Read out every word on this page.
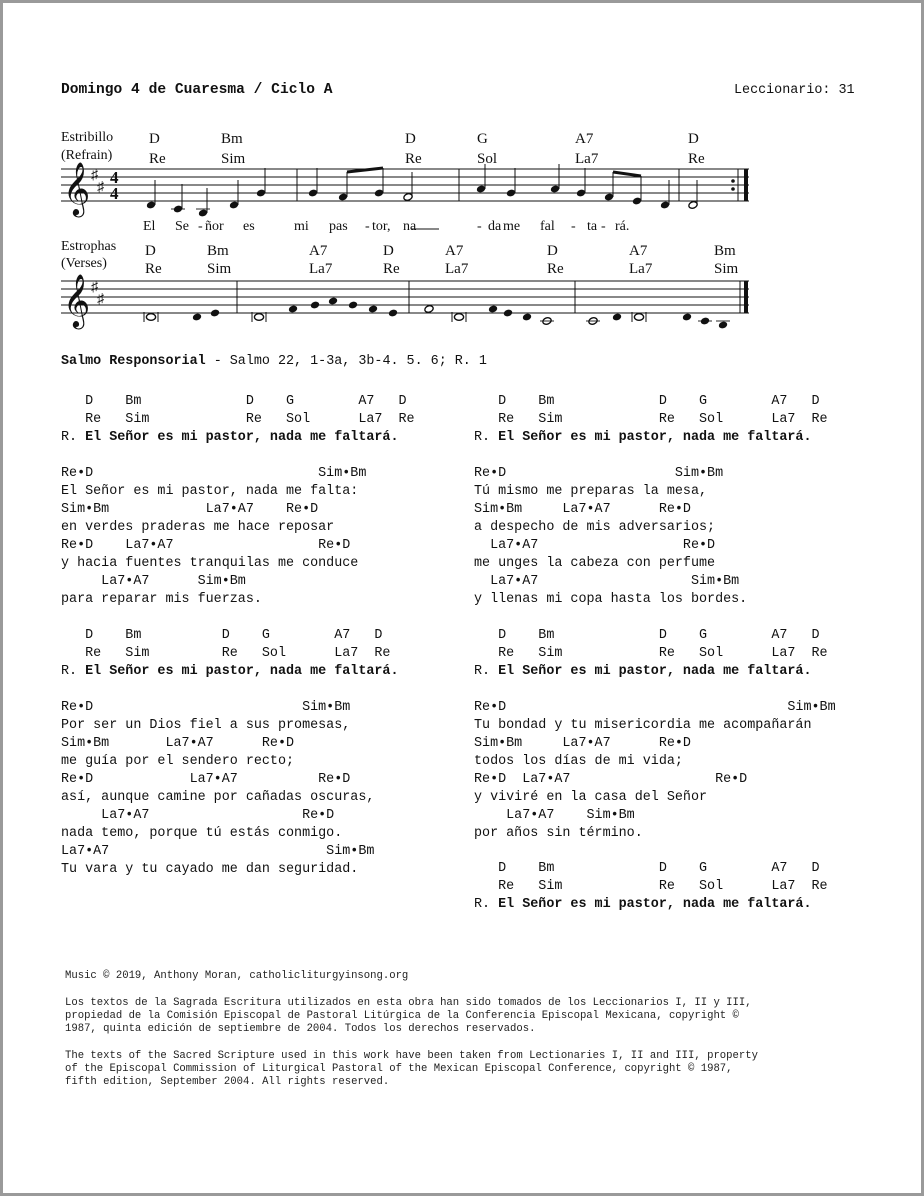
Domingo 4 de Cuaresma / Ciclo A	Leccionario: 31
𝄞 ♯
♯
4
4
D
Re
Bm
Sim
D
Re
G
Sol
A7
La7
D
Re
Estribillo
(Refrain)
El Se - ñor es	mi pas - tor, na	- da me fal - ta - rá.
𝄞 ♯
♯
D
Re
Bm
Sim
A7
La7
D
Re
A7
La7
D
Re
A7
La7
Bm
Sim
Estrophas
(Verses)
Salmo Responsorial - Salmo 22, 1-3a, 3b-4. 5. 6; R. 1
D    Bm             D    G        A7   D
Re   Sim            Re   Sol      La7  Re
R. El Señor es mi pastor, nada me faltará.
Re•D                            Sim•Bm
El Señor es mi pastor, nada me falta:
Sim•Bm            La7•A7    Re•D
en verdes praderas me hace reposar
Re•D    La7•A7                  Re•D
y hacia fuentes tranquilas me conduce
La7•A7      Sim•Bm
para reparar mis fuerzas.
D    Bm          D    G        A7   D
Re   Sim         Re   Sol      La7  Re
R. El Señor es mi pastor, nada me faltará.
Re•D                          Sim•Bm
Por ser un Dios fiel a sus promesas,
Sim•Bm       La7•A7      Re•D
me guía por el sendero recto;
Re•D            La7•A7          Re•D
así, aunque camine por cañadas oscuras,
La7•A7                   Re•D
nada temo, porque tú estás conmigo.
La7•A7                           Sim•Bm
Tu vara y tu cayado me dan seguridad.
D    Bm             D    G        A7   D
Re   Sim            Re   Sol      La7  Re
R. El Señor es mi pastor, nada me faltará.
Re•D                     Sim•Bm
Tú mismo me preparas la mesa,
Sim•Bm     La7•A7      Re•D
a despecho de mis adversarios;
La7•A7                  Re•D
me unges la cabeza con perfume
La7•A7                   Sim•Bm
y llenas mi copa hasta los bordes.
D    Bm             D    G        A7   D
Re   Sim            Re   Sol      La7  Re
R. El Señor es mi pastor, nada me faltará.
Re•D                                   Sim•Bm
Tu bondad y tu misericordia me acompañarán
Sim•Bm     La7•A7      Re•D
todos los días de mi vida;
Re•D  La7•A7                  Re•D
y viviré en la casa del Señor
La7•A7    Sim•Bm
por años sin término.
D    Bm             D    G        A7   D
Re   Sim            Re   Sol      La7  Re
R. El Señor es mi pastor, nada me faltará.
Music © 2019, Anthony Moran, catholicliturgyinsong.org
Los textos de la Sagrada Escritura utilizados en esta obra han sido tomados de los Leccionarios I, II y III,
propiedad de la Comisión Episcopal de Pastoral Litúrgica de la Conferencia Episcopal Mexicana, copyright ©
1987, quinta edición de septiembre de 2004. Todos los derechos reservados.
The texts of the Sacred Scripture used in this work have been taken from Lectionaries I, II and III, property
of the Episcopal Commission of Liturgical Pastoral of the Mexican Episcopal Conference, copyright © 1987,
fifth edition, September 2004. All rights reserved.
